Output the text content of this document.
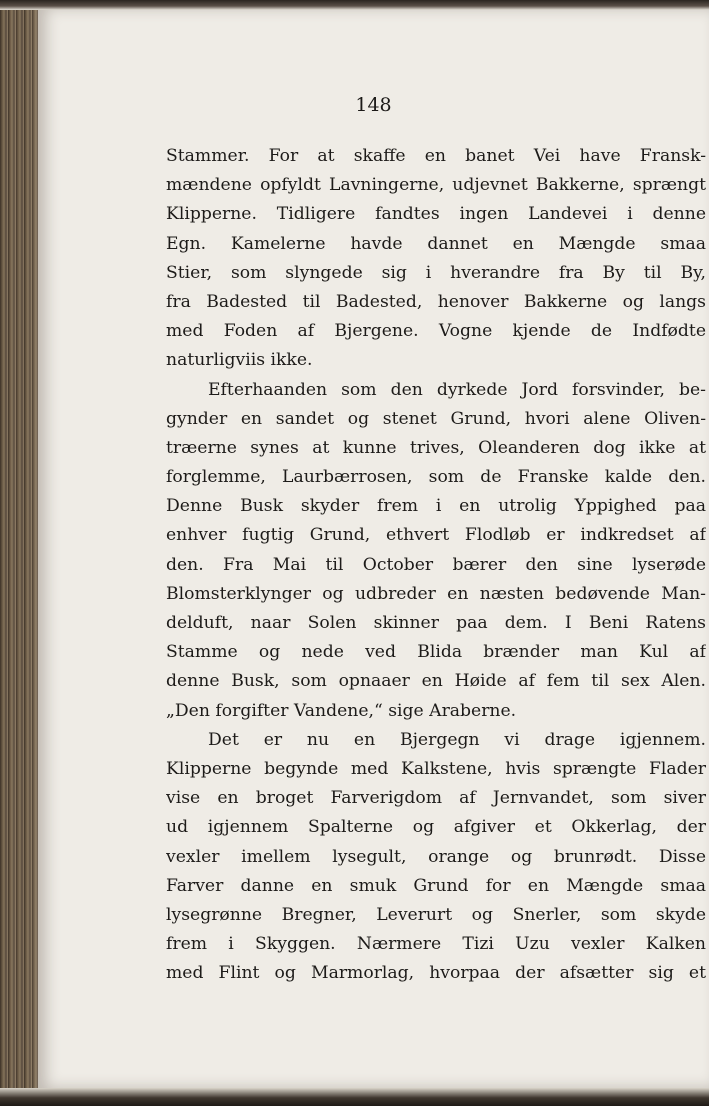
148
Stammer. For at skaffe en banet Vei have Fransk-
mændene opfyldt Lavningerne, udjevnet Bakkerne, sprængt
Klipperne. Tidligere fandtes ingen Landevei i denne
Egn. Kamelerne havde dannet en Mængde smaa
Stier, som slyngede sig i hverandre fra By til By,
fra Badested til Badested, henover Bakkerne og langs
med Foden af Bjergene. Vogne kjende de Indfødte
naturligviis ikke.
Efterhaanden som den dyrkede Jord forsvinder, be-
gynder en sandet og stenet Grund, hvori alene Oliven-
træerne synes at kunne trives, Oleanderen dog ikke at
forglemme, Laurbærrosen, som de Franske kalde den.
Denne Busk skyder frem i en utrolig Yppighed paa
enhver fugtig Grund, ethvert Flodløb er indkredset af
den. Fra Mai til October bærer den sine lyserøde
Blomsterklynger og udbreder en næsten bedøvende Man-
delduft, naar Solen skinner paa dem. I Beni Ratens
Stamme og nede ved Blida brænder man Kul af
denne Busk, som opnaaer en Høide af fem til sex Alen.
„Den forgifter Vandene,“ sige Araberne.
Det er nu en Bjergegn vi drage igjennem.
Klipperne begynde med Kalkstene, hvis sprængte Flader
vise en broget Farverigdom af Jernvandet, som siver
ud igjennem Spalterne og afgiver et Okkerlag, der
vexler imellem lysegult, orange og brunrødt. Disse
Farver danne en smuk Grund for en Mængde smaa
lysegrønne Bregner, Leverurt og Snerler, som skyde
frem i Skyggen. Nærmere Tizi Uzu vexler Kalken
med Flint og Marmorlag, hvorpaa der afsætter sig et
